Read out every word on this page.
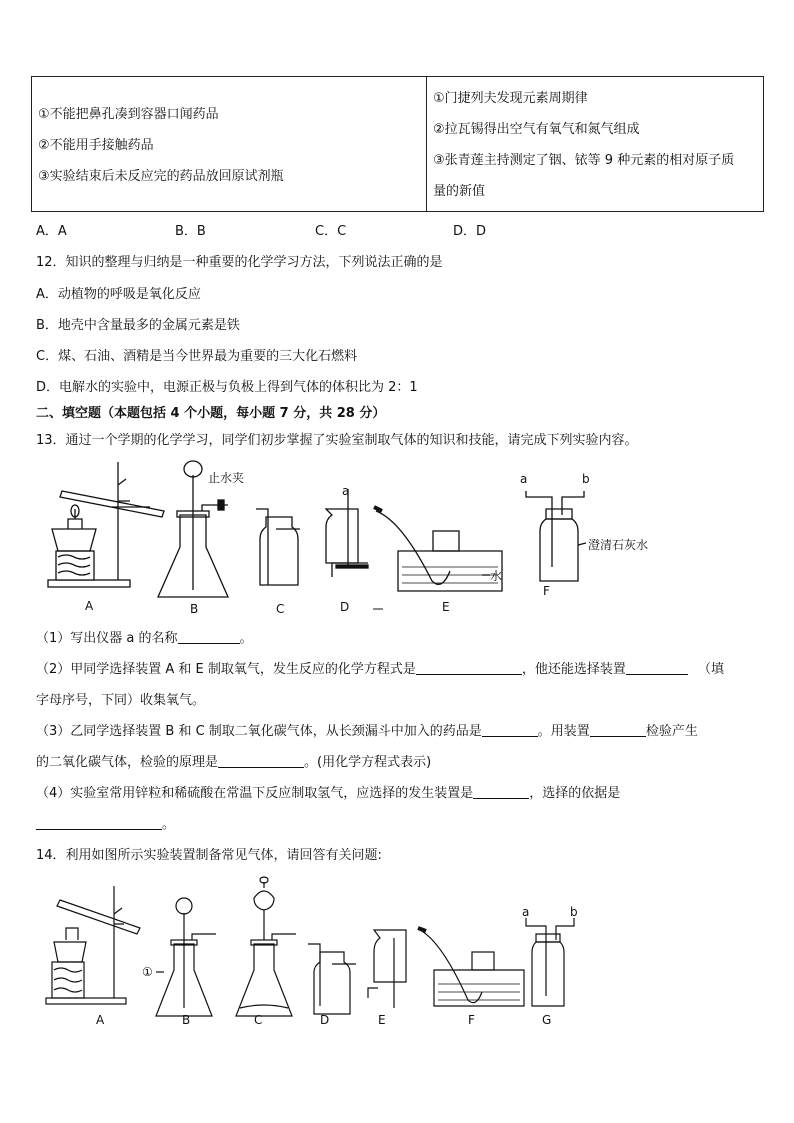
①不能把鼻孔凑到容器口闻药品
②不能用手接触药品
③实验结束后未反应完的药品放回原试剂瓶

①门捷列夫发现元素周期律
②拉瓦锡得出空气有氧气和氮气组成
③张青莲主持测定了铟、铱等 9 种元素的相对原子质
量的新值
A．A	B．B	C．C	D．D
12．知识的整理与归纳是一种重要的化学学习方法，下列说法正确的是
A．动植物的呼吸是氧化反应
B．地壳中含量最多的金属元素是铁
C．煤、石油、酒精是当今世界最为重要的三大化石燃料
D．电解水的实验中，电源正极与负极上得到气体的体积比为 2：1
二、填空题（本题包括 4 个小题，每小题 7 分，共 28 分）
13．通过一个学期的化学学习，同学们初步掌握了实验室制取气体的知识和技能，请完成下列实验内容。
A	B	C	D	E
F
止水夹
a
a	b
澄清石灰水
水
（1）写出仪器 a 的名称	。
（2）甲同学选择装置 A 和 E 制取氧气，发生反应的化学方程式是	，他还能选择装置	（填
字母序号，下同）收集氧气。
（3）乙同学选择装置 B 和 C 制取二氧化碳气体，从长颈漏斗中加入的药品是	。用装置	检验产生
的二氧化碳气体，检验的原理是	。(用化学方程式表示)
（4）实验室常用锌粒和稀硫酸在常温下反应制取氢气，应选择的发生装置是	，选择的依据是
。
14．利用如图所示实验装置制备常见气体，请回答有关问题:
A	B	C	D	E	F	G
①
a	b
